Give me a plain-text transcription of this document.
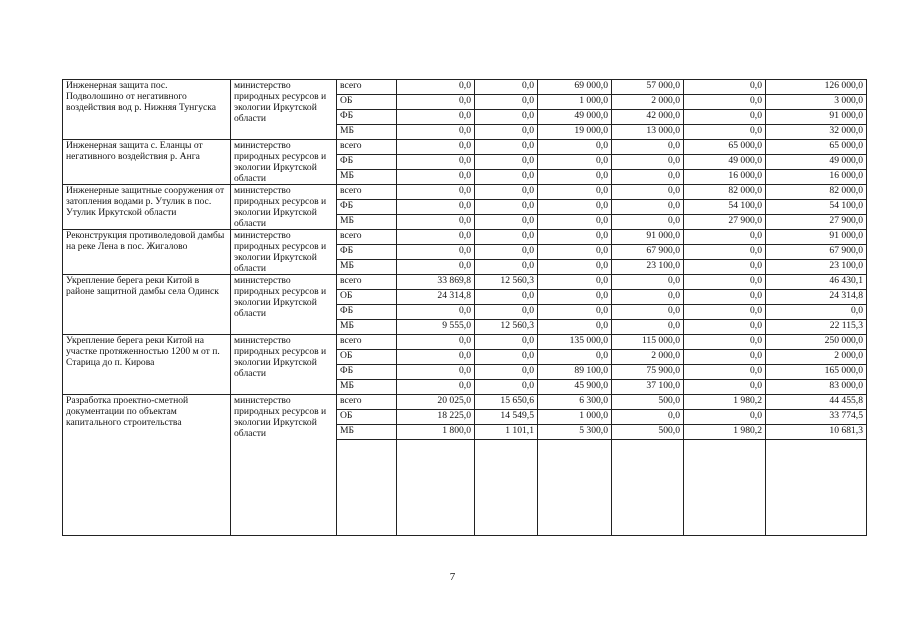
Инженерная защита пос. Подволошино от негативного воздействия вод р. Нижняя Тунгуска	министерство природных ресурсов и экологии Иркутской области	всего	0,0	0,0	69 000,0	57 000,0	0,0	126 000,0
		ОБ	0,0	0,0	1 000,0	2 000,0	0,0	3 000,0
		ФБ	0,0	0,0	49 000,0	42 000,0	0,0	91 000,0
		МБ	0,0	0,0	19 000,0	13 000,0	0,0	32 000,0
Инженерная защита с. Еланцы от негативного воздействия р. Анга	министерство природных ресурсов и экологии Иркутской области	всего	0,0	0,0	0,0	0,0	65 000,0	65 000,0
		ФБ	0,0	0,0	0,0	0,0	49 000,0	49 000,0
		МБ	0,0	0,0	0,0	0,0	16 000,0	16 000,0
Инженерные защитные сооружения от затопления водами р. Утулик в пос. Утулик Иркутской области	министерство природных ресурсов и экологии Иркутской области	всего	0,0	0,0	0,0	0,0	82 000,0	82 000,0
		ФБ	0,0	0,0	0,0	0,0	54 100,0	54 100,0
		МБ	0,0	0,0	0,0	0,0	27 900,0	27 900,0
Реконструкция противоледовой дамбы на реке Лена в пос. Жигалово	министерство природных ресурсов и экологии Иркутской области	всего	0,0	0,0	0,0	91 000,0	0,0	91 000,0
		ФБ	0,0	0,0	0,0	67 900,0	0,0	67 900,0
		МБ	0,0	0,0	0,0	23 100,0	0,0	23 100,0
Укрепление берега реки Китой в районе защитной дамбы села Одинск	министерство природных ресурсов и экологии Иркутской области	всего	33 869,8	12 560,3	0,0	0,0	0,0	46 430,1
		ОБ	24 314,8	0,0	0,0	0,0	0,0	24 314,8
		ФБ	0,0	0,0	0,0	0,0	0,0	0,0
		МБ	9 555,0	12 560,3	0,0	0,0	0,0	22 115,3
Укрепление берега реки Китой на участке протяженностью 1200 м от п. Старица до п. Кирова	министерство природных ресурсов и экологии Иркутской области	всего	0,0	0,0	135 000,0	115 000,0	0,0	250 000,0
		ОБ	0,0	0,0	0,0	2 000,0	0,0	2 000,0
		ФБ	0,0	0,0	89 100,0	75 900,0	0,0	165 000,0
		МБ	0,0	0,0	45 900,0	37 100,0	0,0	83 000,0
Разработка проектно-сметной документации по объектам капитального строительства	министерство природных ресурсов и экологии Иркутской области	всего	20 025,0	15 650,6	6 300,0	500,0	1 980,2	44 455,8
		ОБ	18 225,0	14 549,5	1 000,0	0,0	0,0	33 774,5
		МБ	1 800,0	1 101,1	5 300,0	500,0	1 980,2	10 681,3

7
